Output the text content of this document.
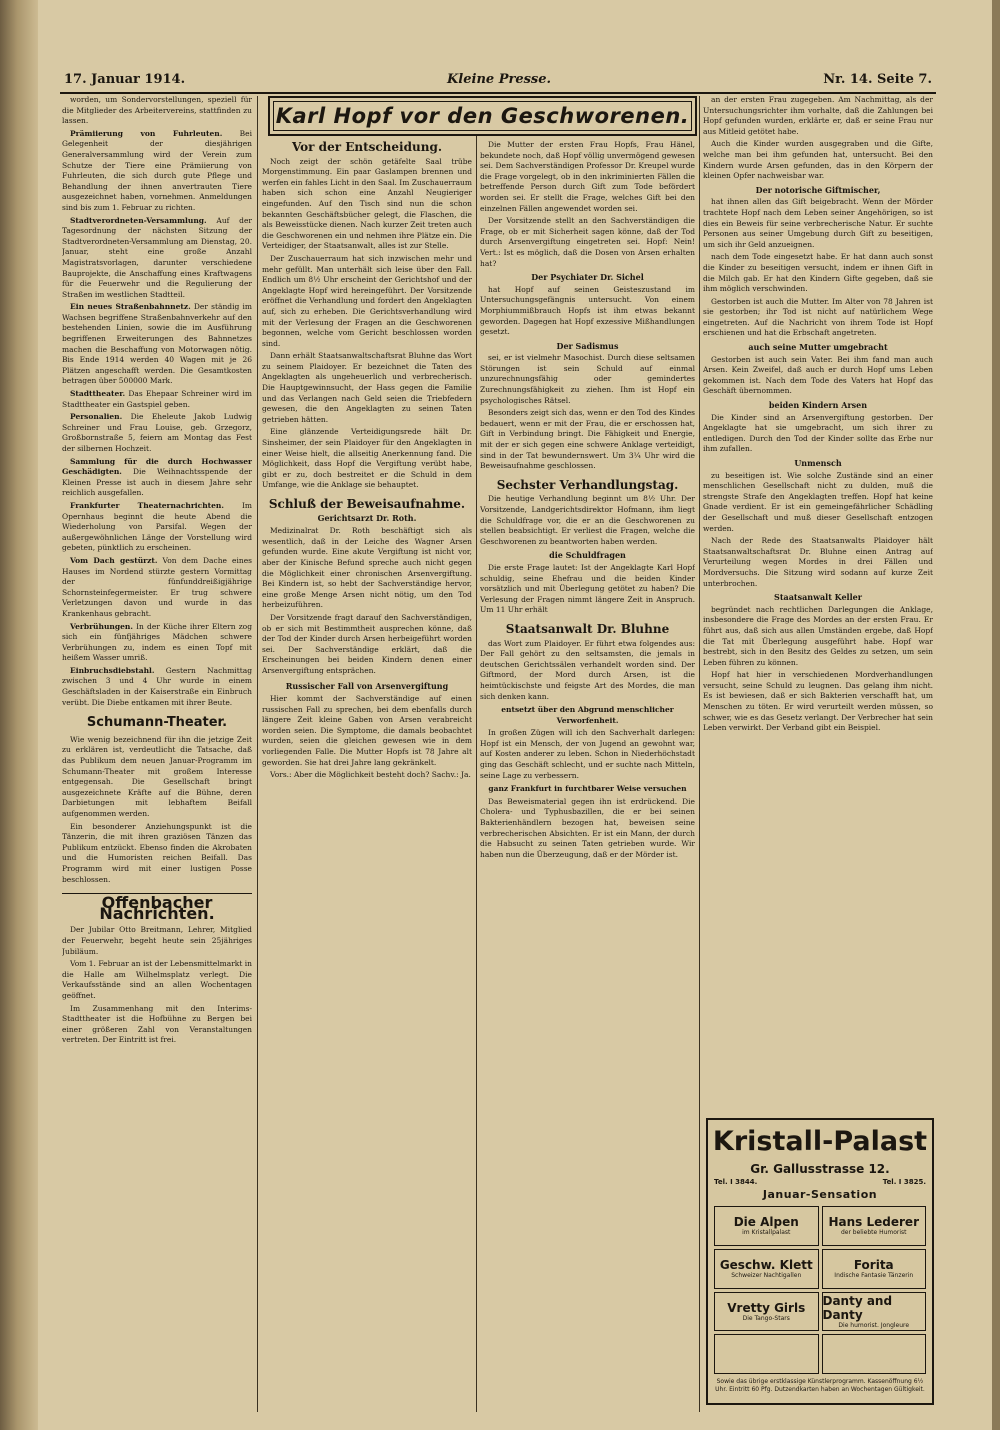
17. Januar 1914.	Kleine Presse.	Nr. 14. Seite 7.
Karl Hopf vor den Geschworenen.

worden, um Sondervorstellungen, speziell für die Mitglieder des Arbeitervereins, stattfinden zu lassen.

Prämiierung von Fuhrleuten. Bei Gelegenheit der diesjährigen Generalversammlung wird der Verein zum Schutze der Tiere eine Prämiierung von Fuhrleuten, die sich durch gute Pflege und Behandlung der ihnen anvertrauten Tiere ausgezeichnet haben, vornehmen. Anmeldungen sind bis zum 1. Februar zu richten.

Stadtverordneten-Versammlung. Auf der Tagesordnung der nächsten Sitzung der Stadtverordneten-Versammlung am Dienstag, 20. Januar, steht eine große Anzahl Magistratsvorlagen, darunter verschiedene Bauprojekte, die Anschaffung eines Kraftwagens für die Feuerwehr und die Regulierung der Straßen im westlichen Stadtteil.

Ein neues Straßenbahnnetz. Der ständig im Wachsen begriffene Straßenbahnverkehr auf den bestehenden Linien, sowie die im Ausführung begriffenen Erweiterungen des Bahnnetzes machen die Beschaffung von Motorwagen nötig. Bis Ende 1914 werden 40 Wagen mit je 26 Plätzen angeschafft werden. Die Gesamtkosten betragen über 500000 Mark.

Stadttheater. Das Ehepaar Schreiner wird im Stadttheater ein Gastspiel geben.

Personalien. Die Eheleute Jakob Ludwig Schreiner und Frau Louise, geb. Grzegorz, Großbornstraße 5, feiern am Montag das Fest der silbernen Hochzeit.

Sammlung für die durch Hochwasser Geschädigten. Die Weihnachtsspende der Kleinen Presse ist auch in diesem Jahre sehr reichlich ausgefallen.

Frankfurter Theaternachrichten. Im Opernhaus beginnt die heute Abend die Wiederholung von Parsifal. Wegen der außergewöhnlichen Länge der Vorstellung wird gebeten, pünktlich zu erscheinen.

Vom Dach gestürzt. Von dem Dache eines Hauses im Nordend stürzte gestern Vormittag der fünfunddreißigjährige Schornsteinfegermeister. Er trug schwere Verletzungen davon und wurde in das Krankenhaus gebracht.

Verbrühungen. In der Küche ihrer Eltern zog sich ein fünfjähriges Mädchen schwere Verbrühungen zu, indem es einen Topf mit heißem Wasser umriß.

Einbruchsdiebstahl. Gestern Nachmittag zwischen 3 und 4 Uhr wurde in einem Geschäftsladen in der Kaiserstraße ein Einbruch verübt. Die Diebe entkamen mit ihrer Beute.

Schumann-Theater.

Wie wenig bezeichnend für ihn die jetzige Zeit zu erklären ist, verdeutlicht die Tatsache, daß das Publikum dem neuen Januar-Programm im Schumann-Theater mit großem Interesse entgegensah. Die Gesellschaft bringt ausgezeichnete Kräfte auf die Bühne, deren Darbietungen mit lebhaftem Beifall aufgenommen werden.

Ein besonderer Anziehungspunkt ist die Tänzerin, die mit ihren graziösen Tänzen das Publikum entzückt. Ebenso finden die Akrobaten und die Humoristen reichen Beifall. Das Programm wird mit einer lustigen Posse beschlossen.

Offenbacher Nachrichten.

Der Jubilar Otto Breitmann, Lehrer, Mitglied der Feuerwehr, begeht heute sein 25jähriges Jubiläum.

Vom 1. Februar an ist der Lebensmittelmarkt in die Halle am Wilhelmsplatz verlegt. Die Verkaufsstände sind an allen Wochentagen geöffnet.

Im Zusammenhang mit den Interims-Stadttheater ist die Hofbühne zu Bergen bei einer größeren Zahl von Veranstaltungen vertreten. Der Eintritt ist frei.

Vor der Entscheidung.

Noch zeigt der schön getäfelte Saal trübe Morgenstimmung. Ein paar Gaslampen brennen und werfen ein fahles Licht in den Saal. Im Zuschauerraum haben sich schon eine Anzahl Neugieriger eingefunden. Auf den Tisch sind nun die schon bekannten Geschäftsbücher gelegt, die Flaschen, die als Beweisstücke dienen. Nach kurzer Zeit treten auch die Geschworenen ein und nehmen ihre Plätze ein. Die Verteidiger, der Staatsanwalt, alles ist zur Stelle.

Der Zuschauerraum hat sich inzwischen mehr und mehr gefüllt. Man unterhält sich leise über den Fall. Endlich um 8½ Uhr erscheint der Gerichtshof und der Angeklagte Hopf wird hereingeführt. Der Vorsitzende eröffnet die Verhandlung und fordert den Angeklagten auf, sich zu erheben. Die Gerichtsverhandlung wird mit der Verlesung der Fragen an die Geschworenen begonnen, welche vom Gericht beschlossen worden sind.

Dann erhält Staatsanwaltschaftsrat Bluhne das Wort zu seinem Plaidoyer. Er bezeichnet die Taten des Angeklagten als ungeheuerlich und verbrecherisch. Die Hauptgewinnsucht, der Hass gegen die Familie und das Verlangen nach Geld seien die Triebfedern gewesen, die den Angeklagten zu seinen Taten getrieben hätten.

Eine glänzende Verteidigungsrede hält Dr. Sinsheimer, der sein Plaidoyer für den Angeklagten in einer Weise hielt, die allseitig Anerkennung fand. Die Möglichkeit, dass Hopf die Vergiftung verübt habe, gibt er zu, doch bestreitet er die Schuld in dem Umfange, wie die Anklage sie behauptet.

Schluß der Beweisaufnahme.
Gerichtsarzt Dr. Roth.

Medizinalrat Dr. Roth beschäftigt sich als wesentlich, daß in der Leiche des Wagner Arsen gefunden wurde. Eine akute Vergiftung ist nicht vor, aber der Kinische Befund spreche auch nicht gegen die Möglichkeit einer chronischen Arsenvergiftung. Bei Kindern ist, so hebt der Sachverständige hervor, eine große Menge Arsen nicht nötig, um den Tod herbeizuführen.

Der Vorsitzende fragt darauf den Sachverständigen, ob er sich mit Bestimmtheit ausprechen könne, daß der Tod der Kinder durch Arsen herbeigeführt worden sei. Der Sachverständige erklärt, daß die Erscheinungen bei beiden Kindern denen einer Arsenvergiftung entsprächen.

Russischer Fall von Arsenvergiftung

Hier kommt der Sachverständige auf einen russischen Fall zu sprechen, bei dem ebenfalls durch längere Zeit kleine Gaben von Arsen verabreicht worden seien. Die Symptome, die damals beobachtet wurden, seien die gleichen gewesen wie in dem vorliegenden Falle. Die Mutter Hopfs ist 78 Jahre alt geworden. Sie hat drei Jahre lang gekränkelt.

Vors.: Aber die Möglichkeit besteht doch? Sachv.: Ja.

Die Mutter der ersten Frau Hopfs, Frau Hänel, bekundete noch, daß Hopf völlig unvermögend gewesen sei. Dem Sachverständigen Professor Dr. Kreupel wurde die Frage vorgelegt, ob in den inkriminierten Fällen die betreffende Person durch Gift zum Tode befördert worden sei. Er stellt die Frage, welches Gift bei den einzelnen Fällen angewendet worden sei.

Der Vorsitzende stellt an den Sachverständigen die Frage, ob er mit Sicherheit sagen könne, daß der Tod durch Arsenvergiftung eingetreten sei. Hopf: Nein! Vert.: Ist es möglich, daß die Dosen von Arsen erhalten hat?

Der Psychiater Dr. Sichel

hat Hopf auf seinen Geisteszustand im Untersuchungsgefängnis untersucht. Von einem Morphiummißbrauch Hopfs ist ihm etwas bekannt geworden. Dagegen hat Hopf exzessive Mißhandlungen gesetzt.

Der Sadismus

sei, er ist vielmehr Masochist. Durch diese seltsamen Störungen ist sein Schuld auf einmal unzurechnungsfähig oder gemindertes Zurechnungsfähigkeit zu ziehen. Ihm ist Hopf ein psychologisches Rätsel.

Besonders zeigt sich das, wenn er den Tod des Kindes bedauert, wenn er mit der Frau, die er erschossen hat, Gift in Verbindung bringt. Die Fähigkeit und Energie, mit der er sich gegen eine schwere Anklage verteidigt, sind in der Tat bewundernswert. Um 3¼ Uhr wird die Beweisaufnahme geschlossen.

Sechster Verhandlungstag.

Die heutige Verhandlung beginnt um 8½ Uhr. Der Vorsitzende, Landgerichtsdirektor Hofmann, ihm liegt die Schuldfrage vor, die er an die Geschworenen zu stellen beabsichtigt. Er verliest die Fragen, welche die Geschworenen zu beantworten haben werden.

die Schuldfragen

Die erste Frage lautet: Ist der Angeklagte Karl Hopf schuldig, seine Ehefrau und die beiden Kinder vorsätzlich und mit Überlegung getötet zu haben? Die Verlesung der Fragen nimmt längere Zeit in Anspruch. Um 11 Uhr erhält

Staatsanwalt Dr. Bluhne

das Wort zum Plaidoyer. Er führt etwa folgendes aus: Der Fall gehört zu den seltsamsten, die jemals in deutschen Gerichtssälen verhandelt worden sind. Der Giftmord, der Mord durch Arsen, ist die heimtückischste und feigste Art des Mordes, die man sich denken kann.

entsetzt über den Abgrund menschlicher Verworfenheit.

In großen Zügen will ich den Sachverhalt darlegen: Hopf ist ein Mensch, der von Jugend an gewohnt war, auf Kosten anderer zu leben. Schon in Niederhöchstadt ging das Geschäft schlecht, und er suchte nach Mitteln, seine Lage zu verbessern.

ganz Frankfurt in furchtbarer Weise versuchen

Das Beweismaterial gegen ihn ist erdrückend. Die Cholera- und Typhusbazillen, die er bei seinen Bakterienhändlern bezogen hat, beweisen seine verbrecherischen Absichten. Er ist ein Mann, der durch die Habsucht zu seinen Taten getrieben wurde. Wir haben nun die Überzeugung, daß er der Mörder ist.

an der ersten Frau zugegeben. Am Nachmittag, als der Untersuchungsrichter ihm vorhalte, daß die Zahlungen bei Hopf gefunden wurden, erklärte er, daß er seine Frau nur aus Mitleid getötet habe.

Auch die Kinder wurden ausgegraben und die Gifte, welche man bei ihm gefunden hat, untersucht. Bei den Kindern wurde Arsen gefunden, das in den Körpern der kleinen Opfer nachweisbar war.

Der notorische Giftmischer,

hat ihnen allen das Gift beigebracht. Wenn der Mörder trachtete Hopf nach dem Leben seiner Angehörigen, so ist dies ein Beweis für seine verbrecherische Natur. Er suchte Personen aus seiner Umgebung durch Gift zu beseitigen, um sich ihr Geld anzueignen.

nach dem Tode eingesetzt habe. Er hat dann auch sonst die Kinder zu beseitigen versucht, indem er ihnen Gift in die Milch gab. Er hat den Kindern Gifte gegeben, daß sie ihm möglich verschwinden.

Gestorben ist auch die Mutter. Im Alter von 78 Jahren ist sie gestorben; ihr Tod ist nicht auf natürlichem Wege eingetreten. Auf die Nachricht von ihrem Tode ist Hopf erschienen und hat die Erbschaft angetreten.

auch seine Mutter umgebracht

Gestorben ist auch sein Vater. Bei ihm fand man auch Arsen. Kein Zweifel, daß auch er durch Hopf ums Leben gekommen ist. Nach dem Tode des Vaters hat Hopf das Geschäft übernommen.

beiden Kindern Arsen

Die Kinder sind an Arsenvergiftung gestorben. Der Angeklagte hat sie umgebracht, um sich ihrer zu entledigen. Durch den Tod der Kinder sollte das Erbe nur ihm zufallen.

Unmensch

zu beseitigen ist. Wie solche Zustände sind an einer menschlichen Gesellschaft nicht zu dulden, muß die strengste Strafe den Angeklagten treffen. Hopf hat keine Gnade verdient. Er ist ein gemeingefährlicher Schädling der Gesellschaft und muß dieser Gesellschaft entzogen werden.

Nach der Rede des Staatsanwalts Plaidoyer hält Staatsanwaltschaftsrat Dr. Bluhne einen Antrag auf Verurteilung wegen Mordes in drei Fällen und Mordversuchs. Die Sitzung wird sodann auf kurze Zeit unterbrochen.

Staatsanwalt Keller

begründet nach rechtlichen Darlegungen die Anklage, insbesondere die Frage des Mordes an der ersten Frau. Er führt aus, daß sich aus allen Umständen ergebe, daß Hopf die Tat mit Überlegung ausgeführt habe. Hopf war bestrebt, sich in den Besitz des Geldes zu setzen, um sein Leben führen zu können.

Hopf hat hier in verschiedenen Mordverhandlungen versucht, seine Schuld zu leugnen. Das gelang ihm nicht. Es ist bewiesen, daß er sich Bakterien verschafft hat, um Menschen zu töten. Er wird verurteilt werden müssen, so schwer, wie es das Gesetz verlangt. Der Verbrecher hat sein Leben verwirkt. Der Verband gibt ein Beispiel.

Kristall-Palast
Gr. Gallusstrasse 12.
Tel. I 3844.	Tel. I 3825.
Januar-Sensation
Die Alpen
im Kristallpalast
Hans Lederer
der beliebte Humorist
Geschw. Klett
Schweizer Nachtigallen
Forita
Indische Fantasie Tänzerin
Vretty Girls
Die Tango-Stars
Danty and Danty
Die humorist. Jongleure
Sowie das übrige erstklassige Künstlerprogramm. Kassenöffnung 6½ Uhr. Eintritt 60 Pfg. Dutzendkarten haben an Wochentagen Gültigkeit.
